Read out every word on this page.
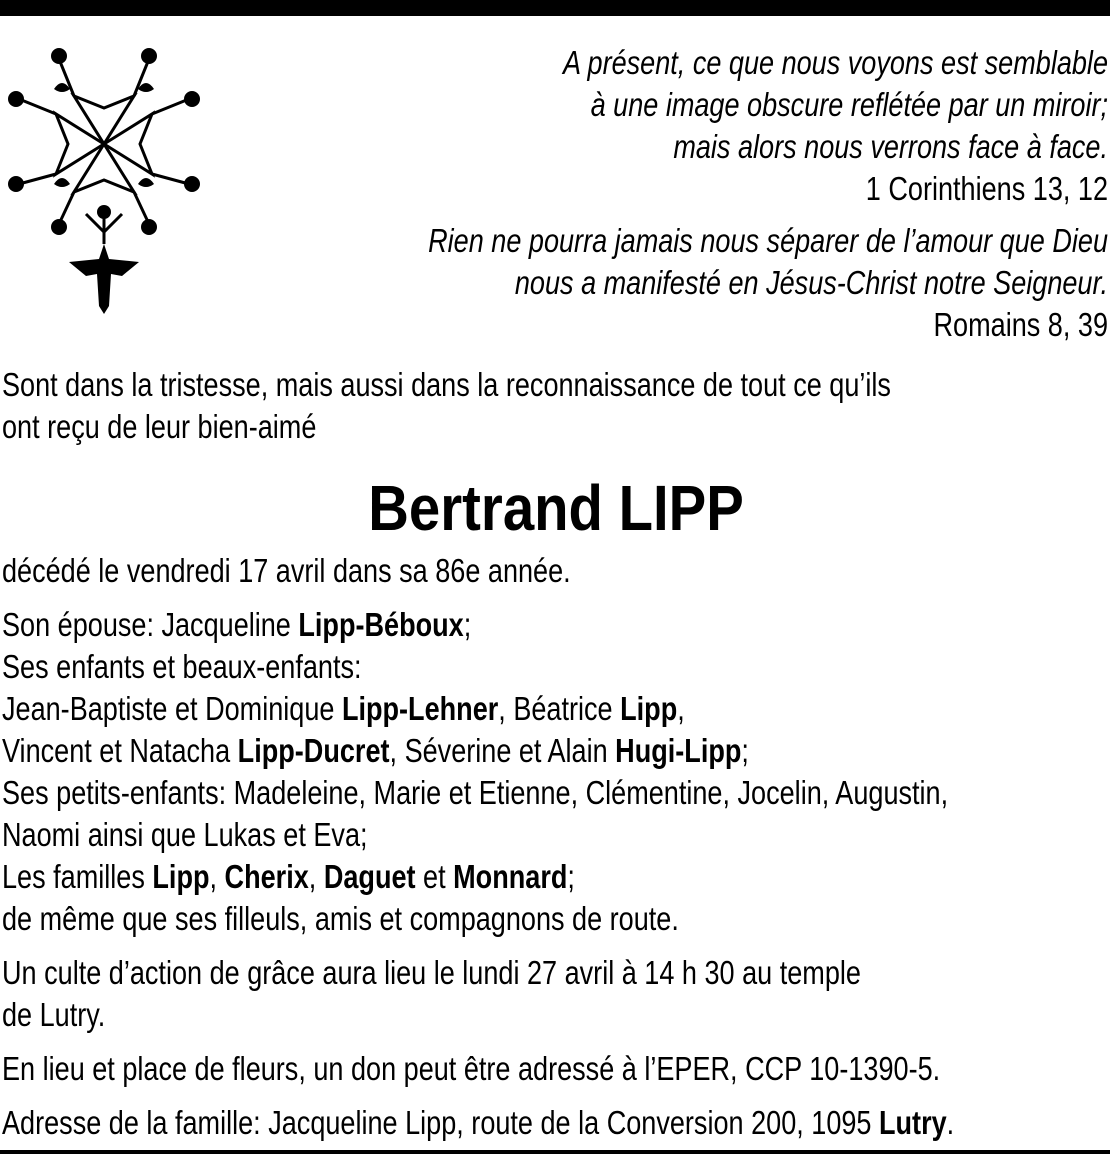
A présent, ce que nous voyons est semblable
à une image obscure reflétée par un miroir;
mais alors nous verrons face à face.
1 Corinthiens 13, 12
Rien ne pourra jamais nous séparer de l’amour que Dieu
nous a manifesté en Jésus-Christ notre Seigneur.
Romains 8, 39
Sont dans la tristesse, mais aussi dans la reconnaissance de tout ce qu’ils
ont reçu de leur bien-aimé
Bertrand LIPP
décédé le vendredi 17 avril dans sa 86e année.
Son épouse: Jacqueline Lipp-Béboux;
Ses enfants et beaux-enfants:
Jean-Baptiste et Dominique Lipp-Lehner, Béatrice Lipp,
Vincent et Natacha Lipp-Ducret, Séverine et Alain Hugi-Lipp;
Ses petits-enfants: Madeleine, Marie et Etienne, Clémentine, Jocelin, Augustin,
Naomi ainsi que Lukas et Eva;
Les familles Lipp, Cherix, Daguet et Monnard;
de même que ses filleuls, amis et compagnons de route.
Un culte d’action de grâce aura lieu le lundi 27 avril à 14 h 30 au temple
de Lutry.
En lieu et place de fleurs, un don peut être adressé à l’EPER, CCP 10-1390-5.
Adresse de la famille: Jacqueline Lipp, route de la Conversion 200, 1095 Lutry.
